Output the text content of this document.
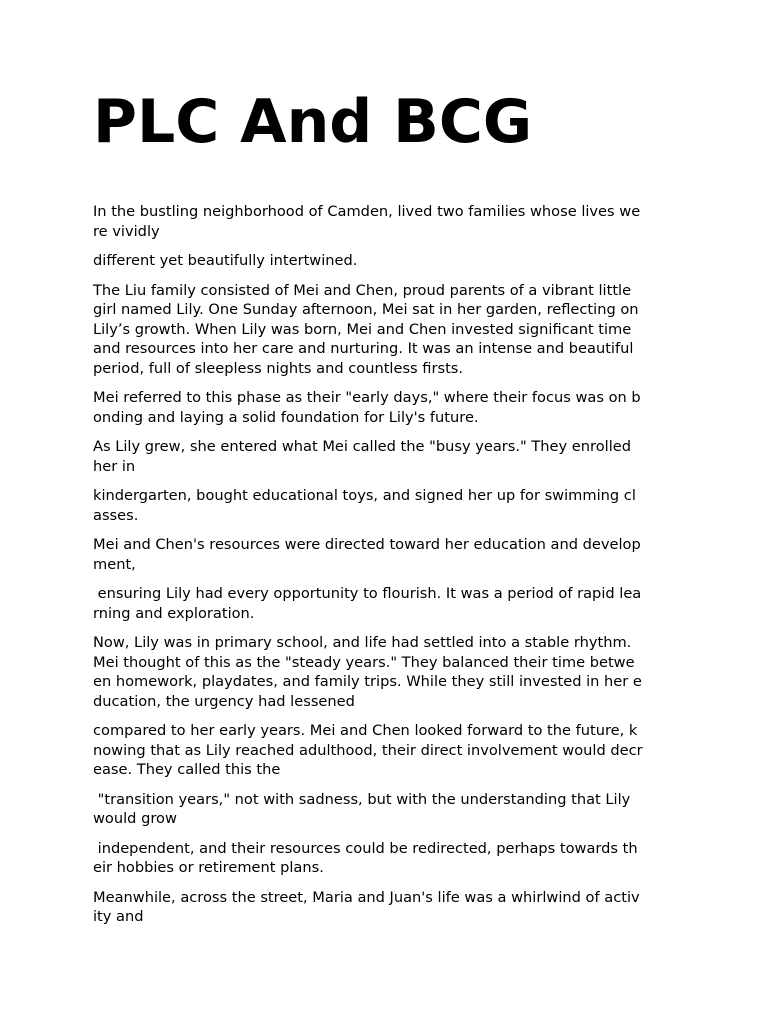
PLC And BCG

In the bustling neighborhood of Camden, lived two families whose lives we
re vividly

different yet beautifully intertwined.

The Liu family consisted of Mei and Chen, proud parents of a vibrant little
girl named Lily. One Sunday afternoon, Mei sat in her garden, reflecting on
Lily’s growth. When Lily was born, Mei and Chen invested significant time
and resources into her care and nurturing. It was an intense and beautiful
period, full of sleepless nights and countless firsts.

Mei referred to this phase as their "early days," where their focus was on b
onding and laying a solid foundation for Lily's future.

As Lily grew, she entered what Mei called the "busy years." They enrolled
her in

kindergarten, bought educational toys, and signed her up for swimming cl
asses.

Mei and Chen's resources were directed toward her education and develop
ment,

ensuring Lily had every opportunity to flourish. It was a period of rapid lea
rning and exploration.

Now, Lily was in primary school, and life had settled into a stable rhythm.
Mei thought of this as the "steady years." They balanced their time betwe
en homework, playdates, and family trips. While they still invested in her e
ducation, the urgency had lessened

compared to her early years. Mei and Chen looked forward to the future, k
nowing that as Lily reached adulthood, their direct involvement would decr
ease. They called this the

"transition years," not with sadness, but with the understanding that Lily
would grow

independent, and their resources could be redirected, perhaps towards th
eir hobbies or retirement plans.

Meanwhile, across the street, Maria and Juan's life was a whirlwind of activ
ity and
